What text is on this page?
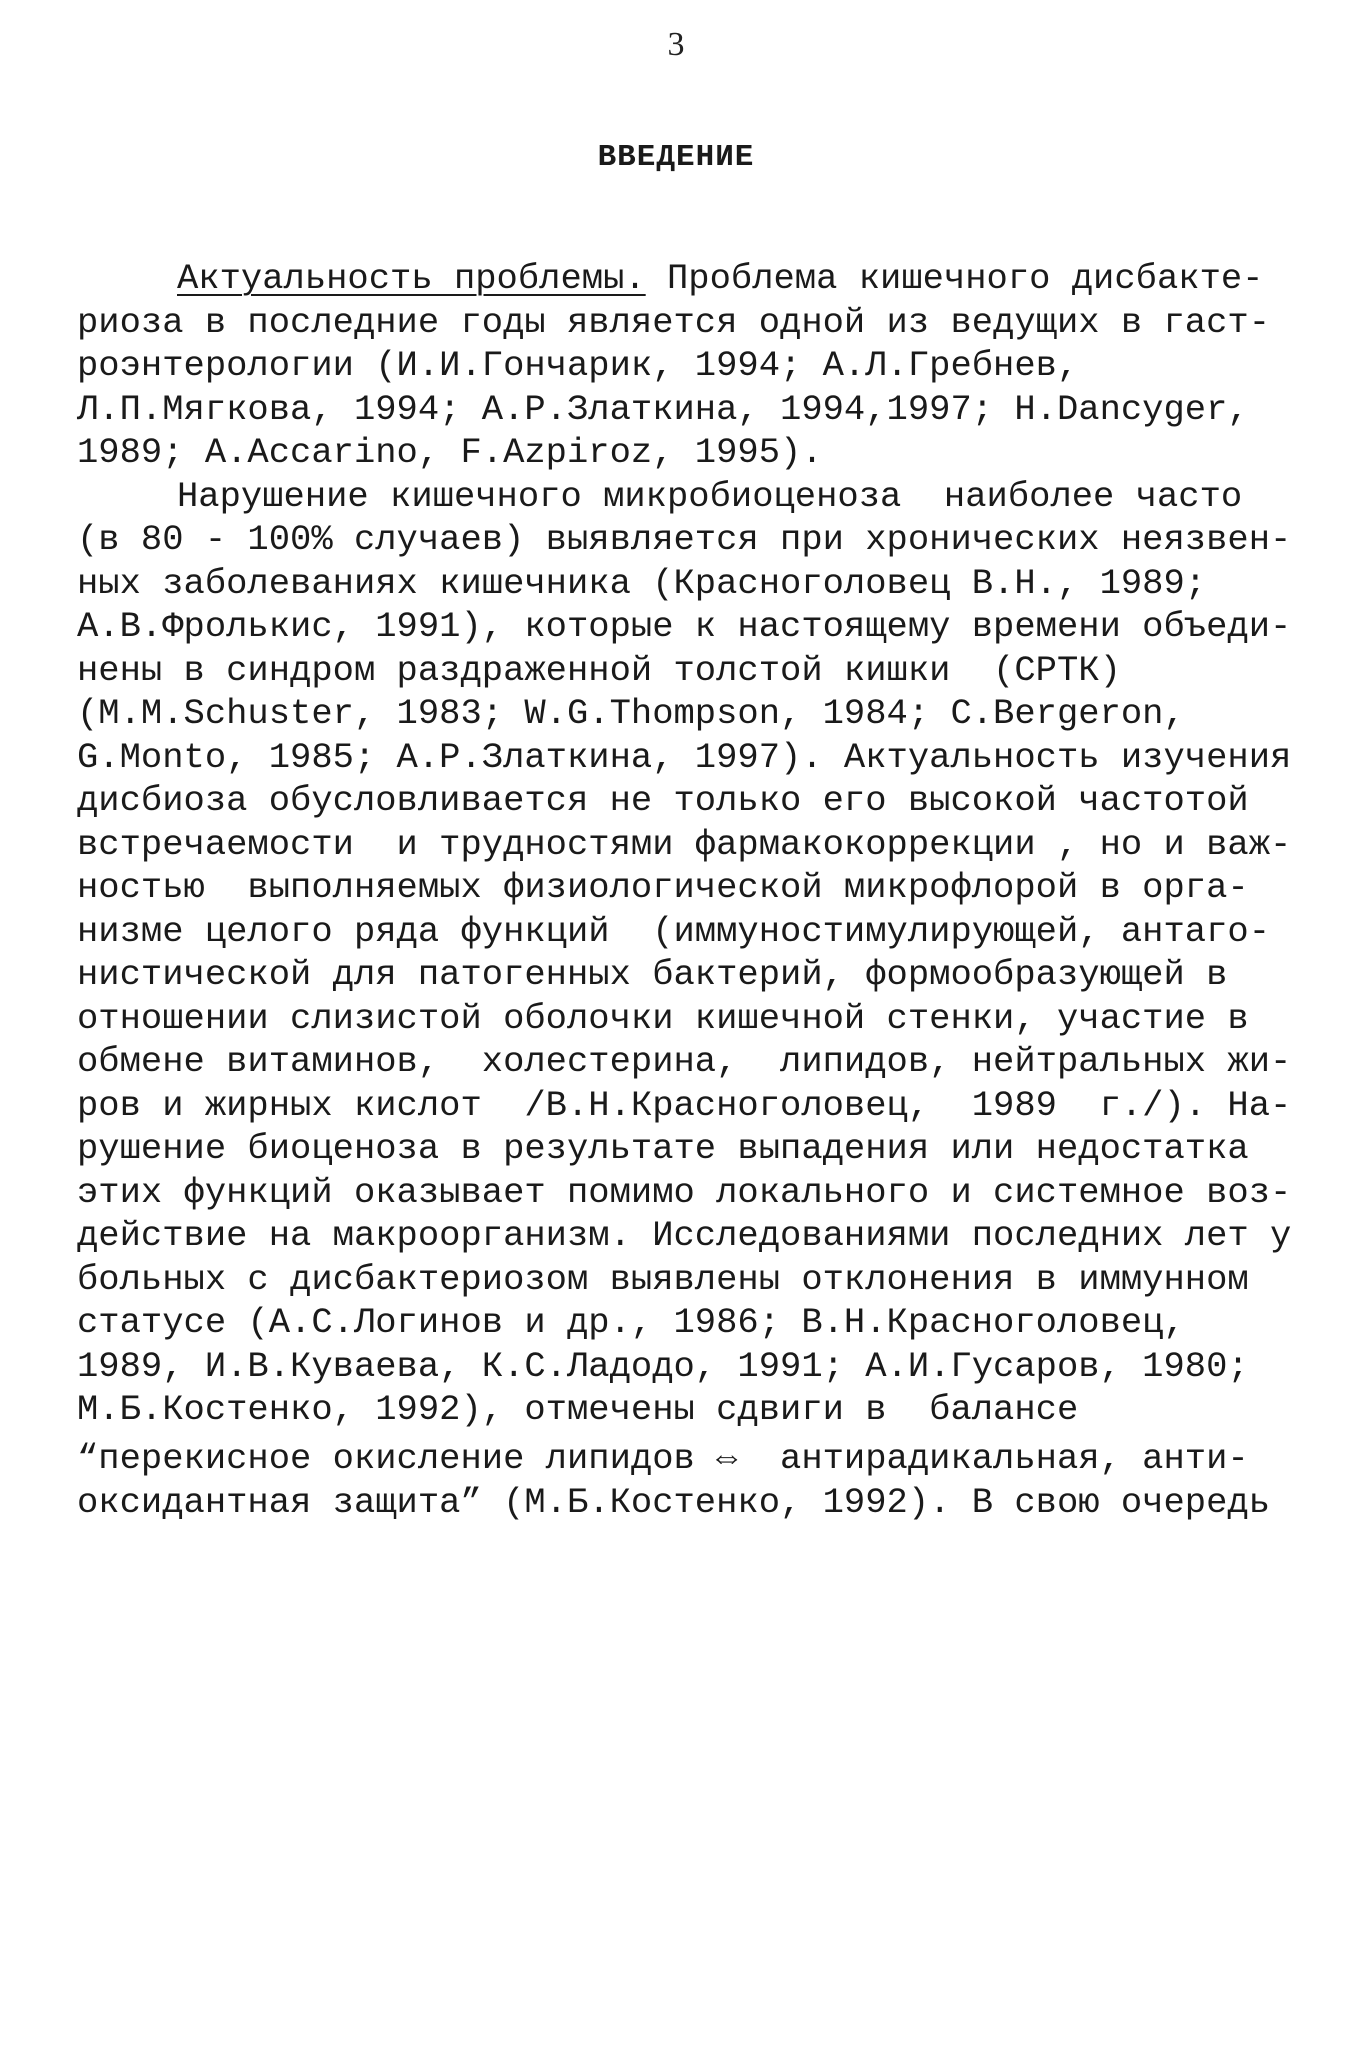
3
ВВЕДЕНИЕ
Актуальность проблемы. Проблема кишечного дисбакте-
риоза в последние годы является одной из ведущих в гаст-
роэнтерологии (И.И.Гончарик, 1994; А.Л.Гребнев,
Л.П.Мягкова, 1994; А.Р.Златкина, 1994,1997; H.Dancyger,
1989; A.Accarino, F.Azpiroz, 1995).
Нарушение кишечного микробиоценоза  наиболее часто
(в 80 - 100% случаев) выявляется при хронических неязвен-
ных заболеваниях кишечника (Красноголовец В.Н., 1989;
А.В.Фролькис, 1991), которые к настоящему времени объеди-
нены в синдром раздраженной толстой кишки  (СРТК)
(M.M.Schuster, 1983; W.G.Thompson, 1984; C.Bergeron,
G.Monto, 1985; А.Р.Златкина, 1997). Актуальность изучения
дисбиоза обусловливается не только его высокой частотой
встречаемости  и трудностями фармакокоррекции , но и важ-
ностью  выполняемых физиологической микрофлорой в орга-
низме целого ряда функций  (иммуностимулирующей, антаго-
нистической для патогенных бактерий, формообразующей в
отношении слизистой оболочки кишечной стенки, участие в
обмене витаминов,  холестерина,  липидов, нейтральных жи-
ров и жирных кислот  /В.Н.Красноголовец,  1989  г./). На-
рушение биоценоза в результате выпадения или недостатка
этих функций оказывает помимо локального и системное воз-
действие на макроорганизм. Исследованиями последних лет у
больных с дисбактериозом выявлены отклонения в иммунном
статусе (А.С.Логинов и др., 1986; В.Н.Красноголовец,
1989, И.В.Куваева, К.С.Ладодо, 1991; А.И.Гусаров, 1980;
М.Б.Костенко, 1992), отмечены сдвиги в  балансе
“перекисное окисление липидов ⇔  антирадикальная, анти-
оксидантная защита” (М.Б.Костенко, 1992). В свою очередь
